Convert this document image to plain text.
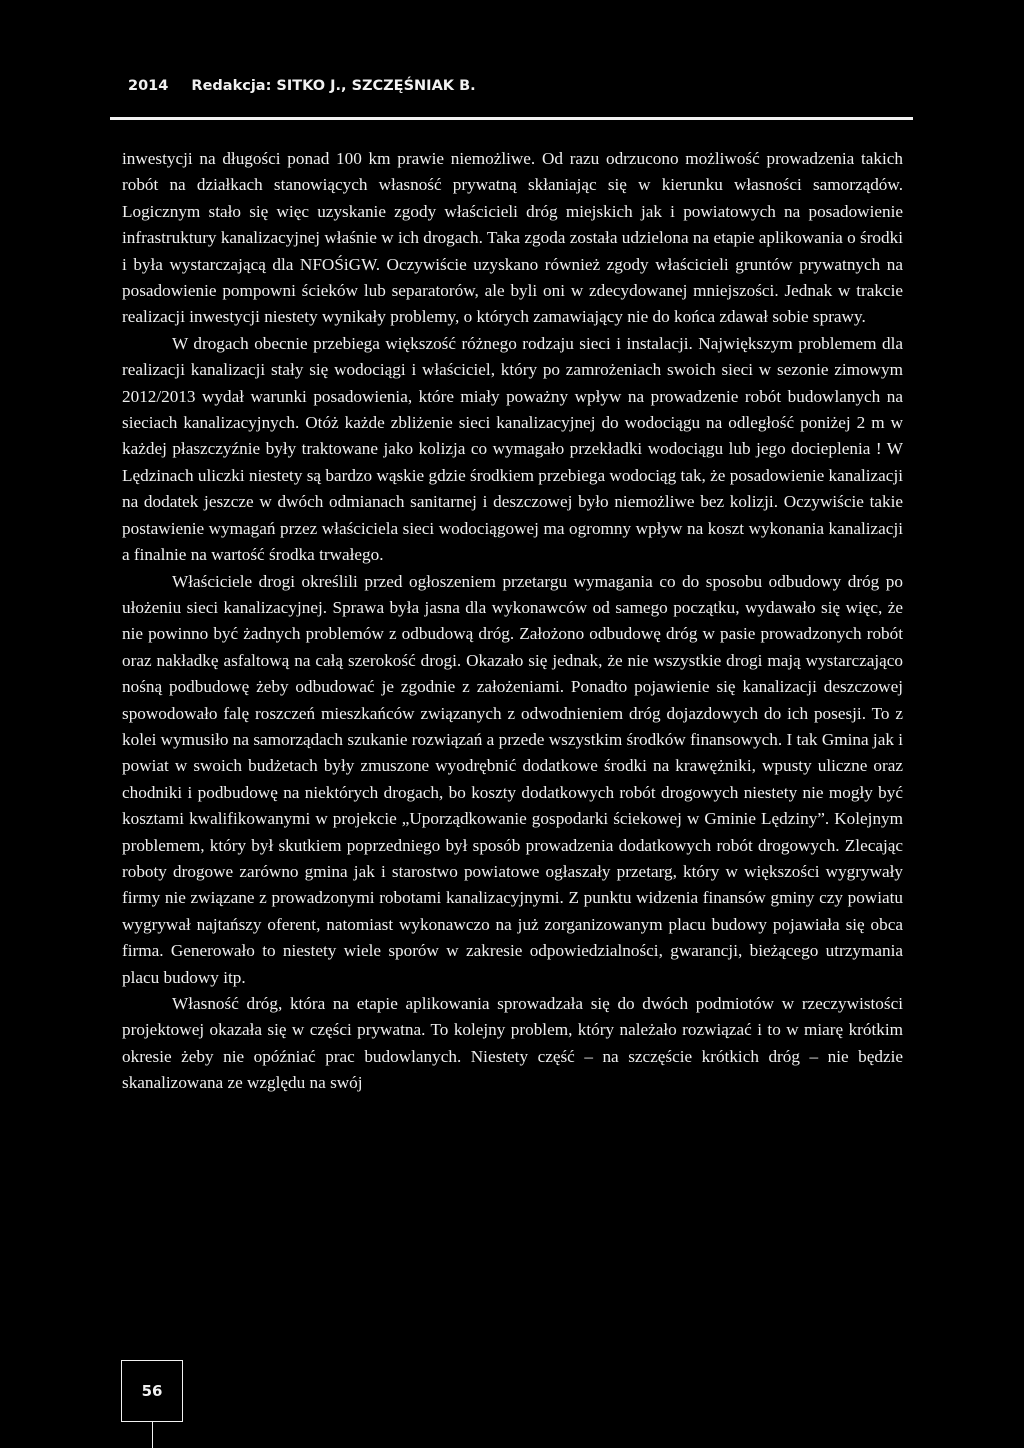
2014 Redakcja: SITKO J., SZCZĘŚNIAK B.

inwestycji na długości ponad 100 km prawie niemożliwe. Od razu odrzucono możliwość prowadzenia takich robót na działkach stanowiących własność prywatną skłaniając się w kierunku własności samorządów. Logicznym stało się więc uzyskanie zgody właścicieli dróg miejskich jak i powiatowych na posadowienie infrastruktury kanalizacyjnej właśnie w ich drogach. Taka zgoda została udzielona na etapie aplikowania o środki i była wystarczającą dla NFOŚiGW. Oczywiście uzyskano również zgody właścicieli gruntów prywatnych na posadowienie pompowni ścieków lub separatorów, ale byli oni w zdecydowanej mniejszości. Jednak w trakcie realizacji inwestycji niestety wynikały problemy, o których zamawiający nie do końca zdawał sobie sprawy.

W drogach obecnie przebiega większość różnego rodzaju sieci i instalacji. Największym problemem dla realizacji kanalizacji stały się wodociągi i właściciel, który po zamrożeniach swoich sieci w sezonie zimowym 2012/2013 wydał warunki posadowienia, które miały poważny wpływ na prowadzenie robót budowlanych na sieciach kanalizacyjnych. Otóż każde zbliżenie sieci kanalizacyjnej do wodociągu na odległość poniżej 2 m w każdej płaszczyźnie były traktowane jako kolizja co wymagało przekładki wodociągu lub jego docieplenia ! W Lędzinach uliczki niestety są bardzo wąskie gdzie środkiem przebiega wodociąg tak, że posadowienie kanalizacji na dodatek jeszcze w dwóch odmianach sanitarnej i deszczowej było niemożliwe bez kolizji. Oczywiście takie postawienie wymagań przez właściciela sieci wodociągowej ma ogromny wpływ na koszt wykonania kanalizacji a finalnie na wartość środka trwałego.

Właściciele drogi określili przed ogłoszeniem przetargu wymagania co do sposobu odbudowy dróg po ułożeniu sieci kanalizacyjnej. Sprawa była jasna dla wykonawców od samego początku, wydawało się więc, że nie powinno być żadnych problemów z odbudową dróg. Założono odbudowę dróg w pasie prowadzonych robót oraz nakładkę asfaltową na całą szerokość drogi. Okazało się jednak, że nie wszystkie drogi mają wystarczająco nośną podbudowę żeby odbudować je zgodnie z założeniami. Ponadto pojawienie się kanalizacji deszczowej spowodowało falę roszczeń mieszkańców związanych z odwodnieniem dróg dojazdowych do ich posesji. To z kolei wymusiło na samorządach szukanie rozwiązań a przede wszystkim środków finansowych. I tak Gmina jak i powiat w swoich budżetach były zmuszone wyodrębnić dodatkowe środki na krawężniki, wpusty uliczne oraz chodniki i podbudowę na niektórych drogach, bo koszty dodatkowych robót drogowych niestety nie mogły być kosztami kwalifikowanymi w projekcie „Uporządkowanie gospodarki ściekowej w Gminie Lędziny”. Kolejnym problemem, który był skutkiem poprzedniego był sposób prowadzenia dodatkowych robót drogowych. Zlecając roboty drogowe zarówno gmina jak i starostwo powiatowe ogłaszały przetarg, który w większości wygrywały firmy nie związane z prowadzonymi robotami kanalizacyjnymi. Z punktu widzenia finansów gminy czy powiatu wygrywał najtańszy oferent, natomiast wykonawczo na już zorganizowanym placu budowy pojawiała się obca firma. Generowało to niestety wiele sporów w zakresie odpowiedzialności, gwarancji, bieżącego utrzymania placu budowy itp.

Własność dróg, która na etapie aplikowania sprowadzała się do dwóch podmiotów w rzeczywistości projektowej okazała się w części prywatna. To kolejny problem, który należało rozwiązać i to w miarę krótkim okresie żeby nie opóźniać prac budowlanych. Niestety część – na szczęście krótkich dróg – nie będzie skanalizowana ze względu na swój

56
